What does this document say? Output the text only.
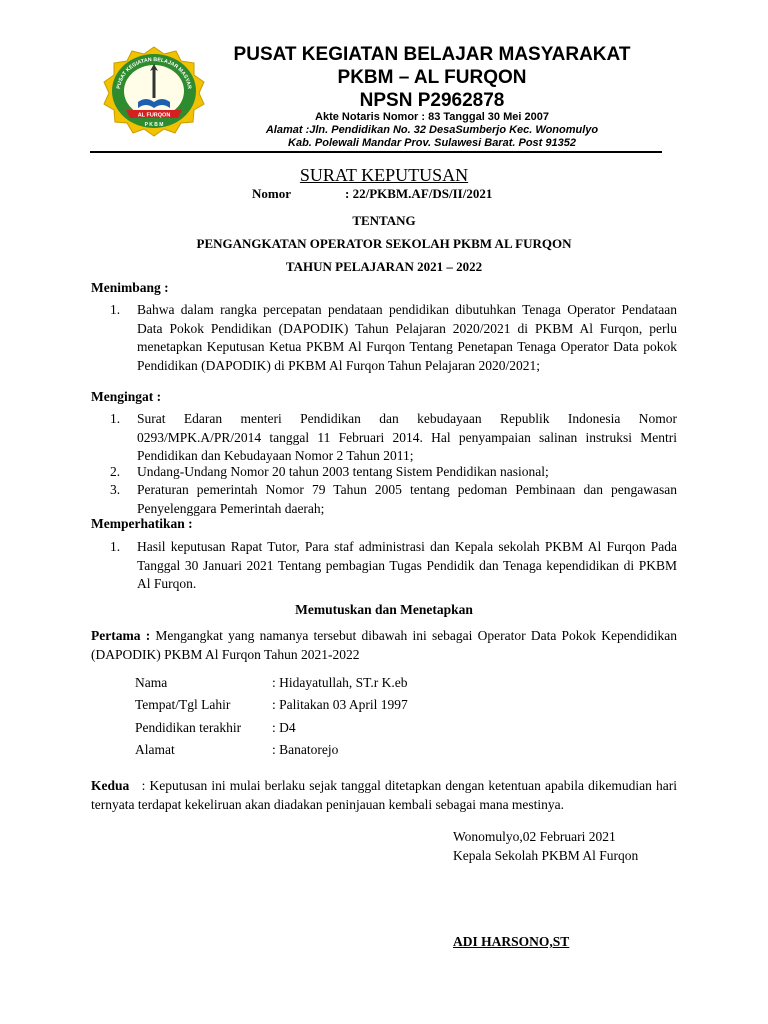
PUSAT KEGIATAN BELAJAR MASYAR
AL FURQON
P K B M
PUSAT KEGIATAN BELAJAR MASYARAKAT
PKBM – AL FURQON
NPSN P2962878
Akte Notaris Nomor : 83 Tanggal 30 Mei 2007
Alamat :Jln. Pendidikan No. 32 DesaSumberjo Kec. Wonomulyo
Kab. Polewali Mandar Prov. Sulawesi Barat. Post 91352
SURAT KEPUTUSAN
Nomor	: 22/PKBM.AF/DS/II/2021
TENTANG
PENGANGKATAN OPERATOR SEKOLAH PKBM AL FURQON
TAHUN PELAJARAN 2021 – 2022
Menimbang :
1. Bahwa dalam rangka percepatan pendataan pendidikan dibutuhkan Tenaga Operator Pendataan Data Pokok Pendidikan (DAPODIK) Tahun Pelajaran 2020/2021 di PKBM Al Furqon, perlu menetapkan Keputusan Ketua PKBM Al Furqon Tentang Penetapan Tenaga Operator Data pokok Pendidikan (DAPODIK) di PKBM Al Furqon Tahun Pelajaran 2020/2021;
Mengingat :
1. Surat Edaran menteri Pendidikan dan kebudayaan Republik Indonesia Nomor 0293/MPK.A/PR/2014 tanggal 11 Februari 2014. Hal penyampaian salinan instruksi Mentri Pendidikan dan Kebudayaan Nomor 2 Tahun 2011;
2. Undang-Undang Nomor 20 tahun 2003 tentang Sistem Pendidikan nasional;
3. Peraturan pemerintah Nomor 79 Tahun 2005 tentang pedoman Pembinaan dan pengawasan Penyelenggara Pemerintah daerah;
Memperhatikan :
1. Hasil keputusan Rapat Tutor, Para staf administrasi dan Kepala sekolah PKBM Al Furqon Pada Tanggal 30 Januari 2021 Tentang pembagian Tugas Pendidik dan Tenaga kependidikan di PKBM Al Furqon.
Memutuskan dan Menetapkan
Pertama : Mengangkat yang namanya tersebut dibawah ini sebagai Operator Data Pokok Kependidikan (DAPODIK) PKBM Al Furqon Tahun 2021-2022
Nama	: Hidayatullah, ST.r K.eb
Tempat/Tgl Lahir	: Palitakan 03 April 1997
Pendidikan terakhir : D4
Alamat	: Banatorejo
Kedua   : Keputusan ini mulai berlaku sejak tanggal ditetapkan dengan ketentuan apabila dikemudian hari ternyata terdapat kekeliruan akan diadakan peninjauan kembali sebagai mana mestinya.
Wonomulyo,02 Februari 2021
Kepala Sekolah PKBM Al Furqon
ADI HARSONO,ST
